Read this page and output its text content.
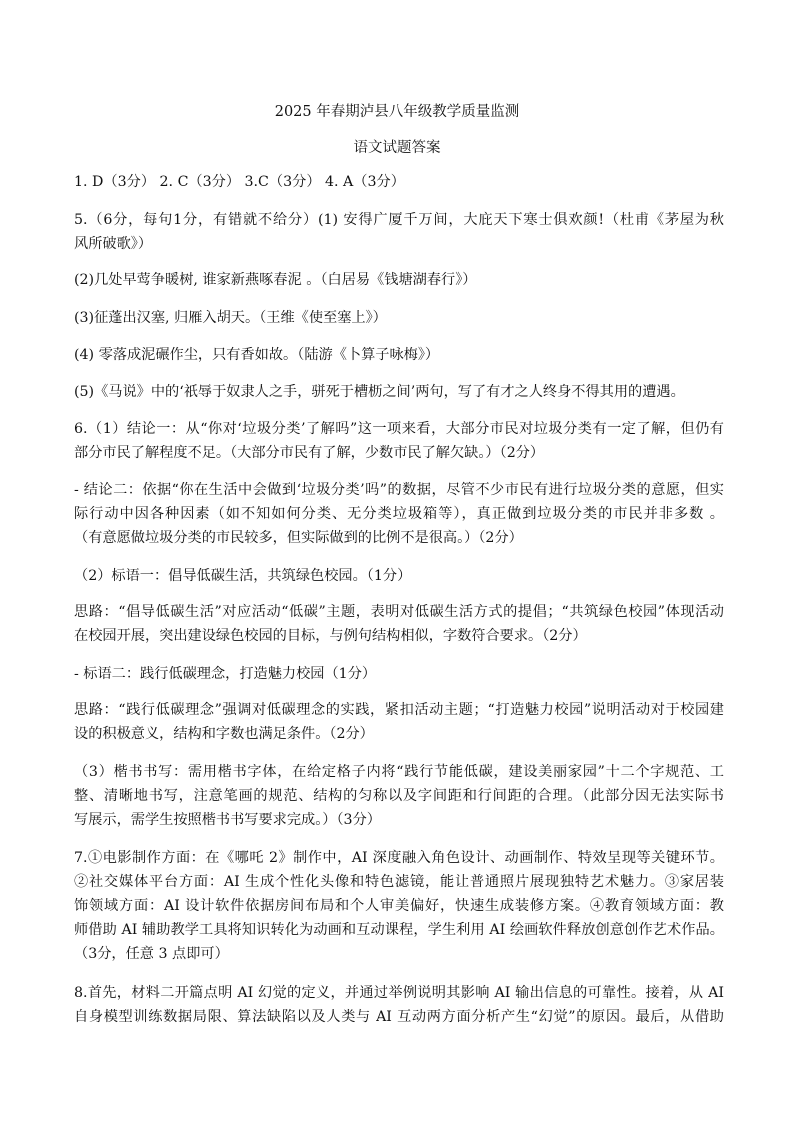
2025 年春期泸县八年级教学质量监测
语文试题答案
1. D（3分） 2. C（3分） 3.C（3分） 4. A（3分）
5.（6分，每句1分，有错就不给分）(1) 安得广厦千万间，大庇天下寒士俱欢颜!（杜甫《茅屋为秋
风所破歌》）
(2)几处早莺争暖树, 谁家新燕啄春泥 。（白居易《钱塘湖春行》）
(3)征蓬出汉塞, 归雁入胡天。（王维《使至塞上》）
(4) 零落成泥碾作尘，只有香如故。（陆游《卜算子咏梅》）
(5)《马说》中的‘祇辱于奴隶人之手，骈死于槽枥之间’两句，写了有才之人终身不得其用的遭遇。
6.（1）结论一：从“你对‘垃圾分类’了解吗”这一项来看，大部分市民对垃圾分类有一定了解，但仍有
部分市民了解程度不足。（大部分市民有了解，少数市民了解欠缺。）（2分）
- 结论二：依据“你在生活中会做到‘垃圾分类’吗”的数据，尽管不少市民有进行垃圾分类的意愿，但实
际行动中因各种因素（如不知如何分类、无分类垃圾箱等），真正做到垃圾分类的市民并非多数 。
（有意愿做垃圾分类的市民较多，但实际做到的比例不是很高。）（2分）
（2）标语一：倡导低碳生活，共筑绿色校园。（1分）
思路：“倡导低碳生活”对应活动“低碳”主题，表明对低碳生活方式的提倡；“共筑绿色校园”体现活动
在校园开展，突出建设绿色校园的目标，与例句结构相似，字数符合要求。（2分）
- 标语二：践行低碳理念，打造魅力校园（1分）
思路：“践行低碳理念”强调对低碳理念的实践，紧扣活动主题；“打造魅力校园”说明活动对于校园建
设的积极意义，结构和字数也满足条件。（2分）
（3）楷书书写：需用楷书字体，在给定格子内将“践行节能低碳，建设美丽家园”十二个字规范、工
整、清晰地书写，注意笔画的规范、结构的匀称以及字间距和行间距的合理。（此部分因无法实际书
写展示，需学生按照楷书书写要求完成。）（3分）
7.①电影制作方面：在《哪吒 2》制作中，AI 深度融入角色设计、动画制作、特效呈现等关键环节。
②社交媒体平台方面：AI 生成个性化头像和特色滤镜，能让普通照片展现独特艺术魅力。③家居装
饰领域方面：AI 设计软件依据房间布局和个人审美偏好，快速生成装修方案。④教育领域方面：教
师借助 AI 辅助教学工具将知识转化为动画和互动课程，学生利用 AI 绘画软件释放创意创作艺术作品。
（3分，任意 3 点即可）
8.首先，材料二开篇点明 AI 幻觉的定义，并通过举例说明其影响 AI 输出信息的可靠性。接着，从 AI
自身模型训练数据局限、算法缺陷以及人类与 AI 互动两方面分析产生“幻觉”的原因。最后，从借助
